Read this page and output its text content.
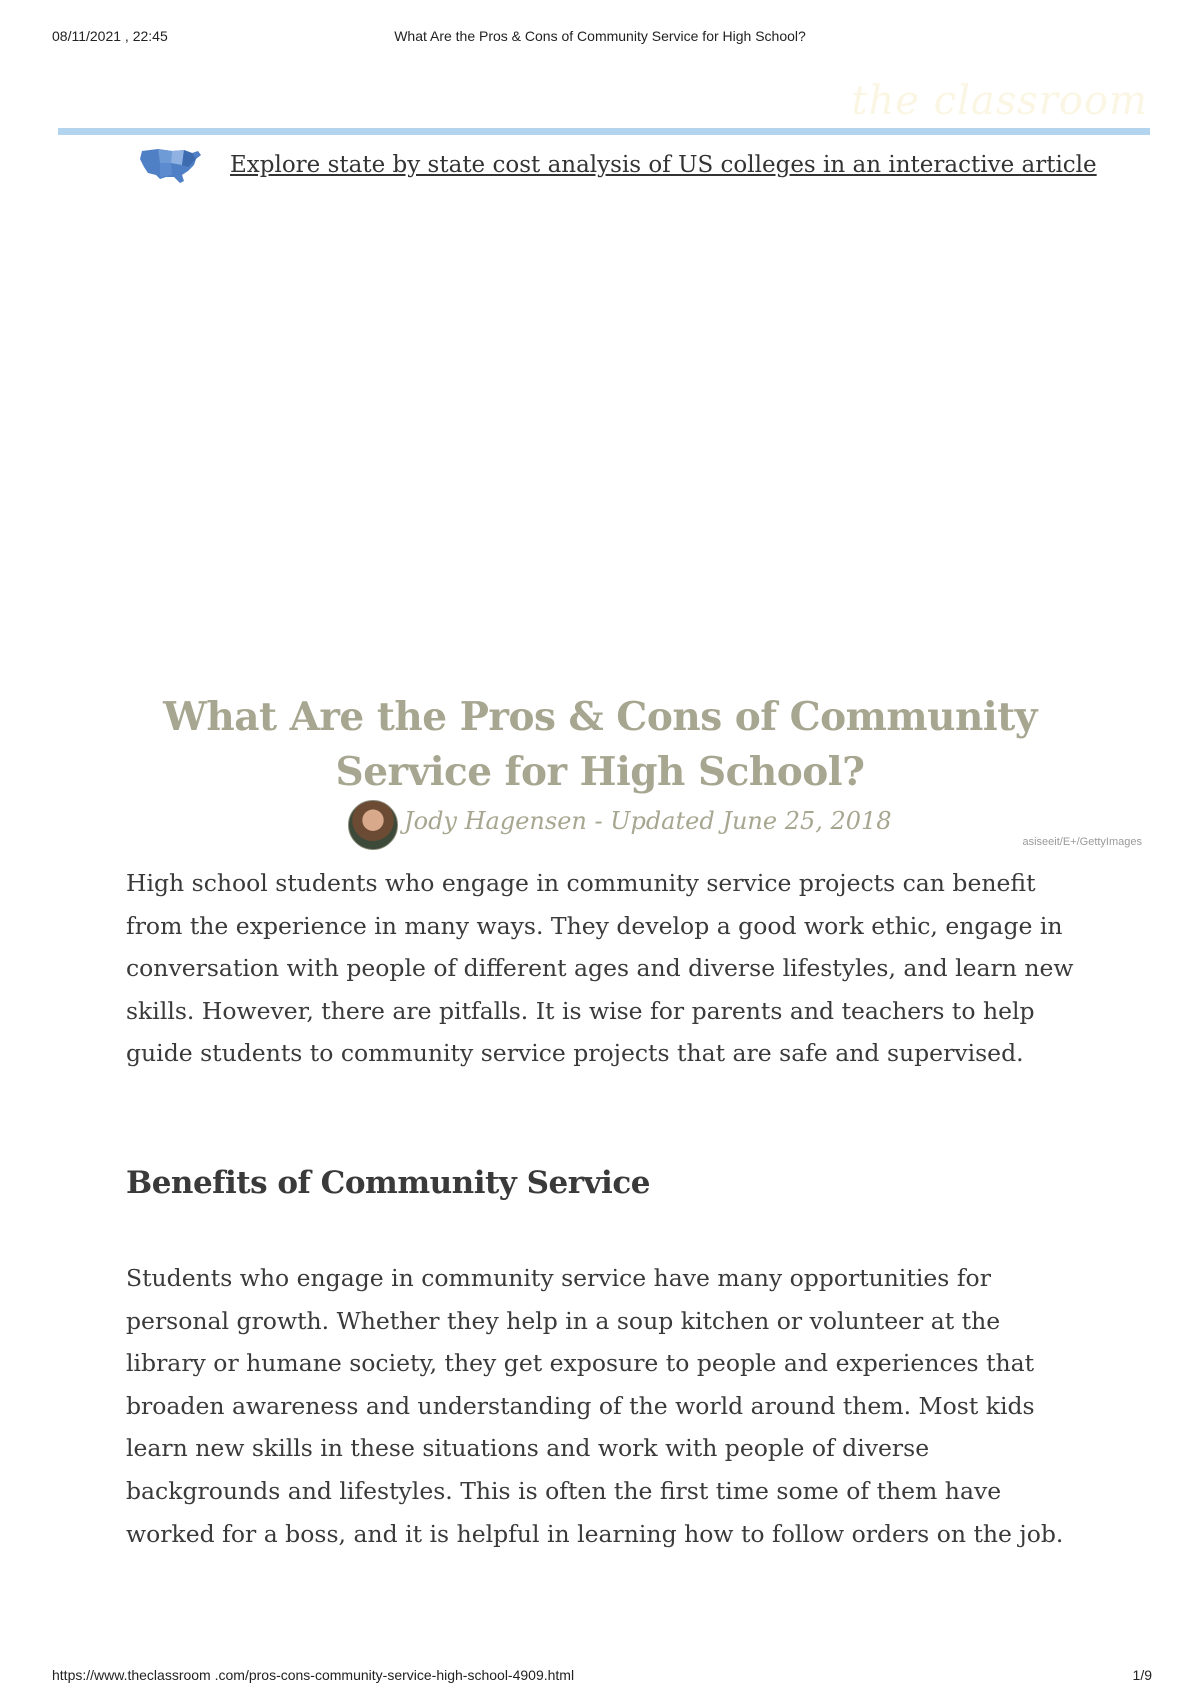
08/11/2021 , 22:45	What Are the Pros & Cons of Community Service for High School?
the classroom
Explore state by state cost analysis of US colleges in an interactive article
What Are the Pros & Cons of Community Service for High School?
Jody Hagensen - Updated June 25, 2018
asiseeit/E+/GettyImages

High school students who engage in community service projects can benefit from the experience in many ways. They develop a good work ethic, engage in conversation with people of different ages and diverse lifestyles, and learn new skills. However, there are pitfalls. It is wise for parents and teachers to help guide students to community service projects that are safe and supervised.

Benefits of Community Service

Students who engage in community service have many opportunities for personal growth. Whether they help in a soup kitchen or volunteer at the library or humane society, they get exposure to people and experiences that broaden awareness and understanding of the world around them. Most kids learn new skills in these situations and work with people of diverse backgrounds and lifestyles. This is often the first time some of them have worked for a boss, and it is helpful in learning how to follow orders on the job.

https://www.theclassroom .com/pros-cons-community-service-high-school-4909.html	1/9
